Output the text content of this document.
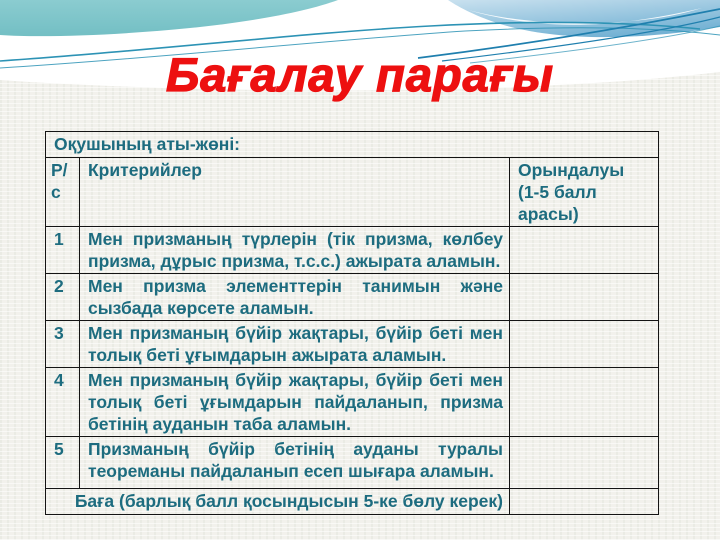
Бағалау парағы
Оқушының аты-жөні:		
Р/с	Критерийлер	Орындалуы
(1-5 балл арасы)

1	Мен призманың түрлерін (тік призма, көлбеу призма, дұрыс призма, т.с.с.) ажырата аламын.	
2	Мен призма элементтерін танимын және сызбада көрсете аламын.	
3	Мен призманың бүйір жақтары, бүйір беті мен толық беті ұғымдарын ажырата аламын.	
4	Мен призманың бүйір жақтары, бүйір беті мен толық беті ұғымдарын пайдаланып, призма бетінің ауданын таба аламын.	
5	Призманың бүйір бетінің ауданы туралы теореманы пайдаланып есеп шығара аламын.	
Баға (барлық балл қосындысын 5-ке бөлу керек)		
